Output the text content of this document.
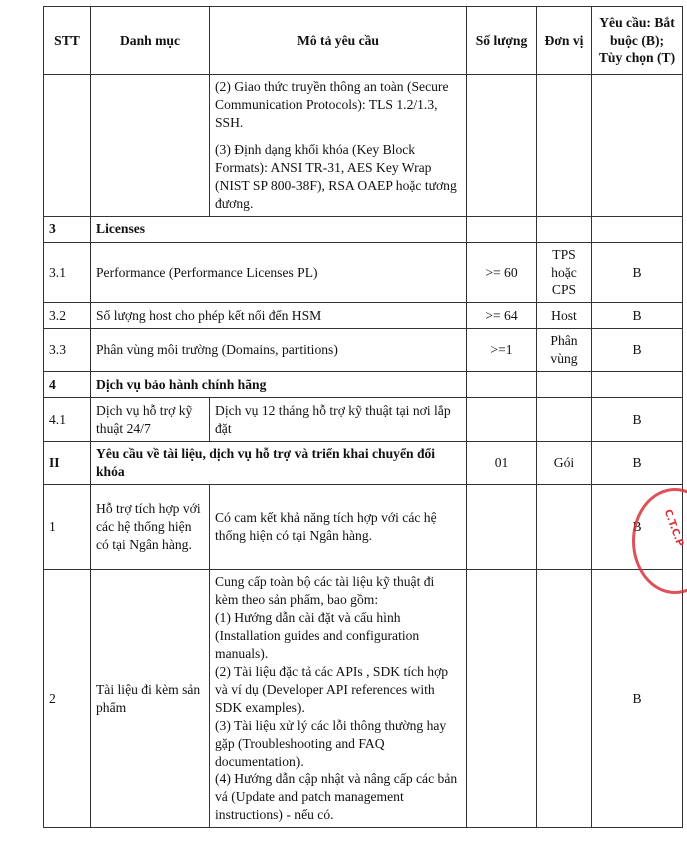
STT	Danh mục	Mô tả yêu cầu	Số lượng	Đơn vị	Yêu cầu: Bắt buộc (B); Tùy chọn (T)

		(2) Giao thức truyền thông an toàn (Secure Communication Protocols): TLS 1.2/1.3, SSH.

(3) Định dạng khối khóa (Key Block Formats): ANSI TR-31, AES Key Wrap (NIST SP 800-38F), RSA OAEP hoặc tương đương.			

3	Licenses				
3.1	Performance (Performance Licenses PL)		>= 60	TPS hoặc CPS	B
3.2	Số lượng host cho phép kết nối đến HSM		>= 64	Host	B
3.3	Phân vùng môi trường (Domains, partitions)		>=1	Phân vùng	B
4	Dịch vụ bảo hành chính hãng				
4.1	Dịch vụ hỗ trợ kỹ thuật 24/7	Dịch vụ 12 tháng hỗ trợ kỹ thuật tại nơi lắp đặt			B
II	Yêu cầu về tài liệu, dịch vụ hỗ trợ và triển khai chuyển đổi khóa		01	Gói	B
1	Hỗ trợ tích hợp với các hệ thống hiện có tại Ngân hàng.	Có cam kết khả năng tích hợp với các hệ thống hiện có tại Ngân hàng.			B
2	Tài liệu đi kèm sản phẩm	Cung cấp toàn bộ các tài liệu kỹ thuật đi kèm theo sản phẩm, bao gồm:

(1) Hướng dẫn cài đặt và cấu hình (Installation guides and configuration manuals).

(2) Tài liệu đặc tả các APIs , SDK tích hợp và ví dụ (Developer API references with SDK examples).

(3) Tài liệu xử lý các lỗi thông thường hay gặp (Troubleshooting and FAQ documentation).

(4) Hướng dẫn cập nhật và nâng cấp các bản vá (Update and patch management instructions) - nếu có.			B
C.T.C.P
